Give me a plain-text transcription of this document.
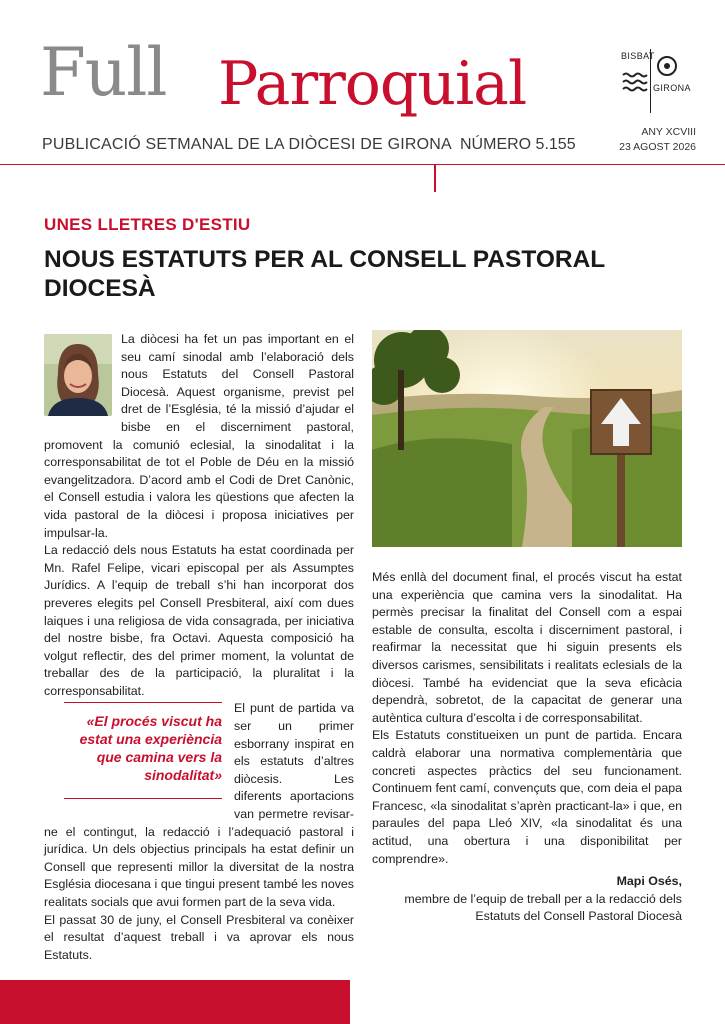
Full Parroquial
PUBLICACIÓ SETMANAL DE LA DIÒCESI DE GIRONA NÚMERO 5.155
BISBAT
GIRONA
ANY XCVIII
23 AGOST 2026
UNES LLETRES D'ESTIU
NOUS ESTATUTS PER AL CONSELL PASTORAL DIOCESÀ

La diòcesi ha fet un pas important en el seu camí sinodal amb l’elaboració dels nous Estatuts del Consell Pastoral Diocesà. Aquest organisme, previst pel dret de l’Església, té la missió d’ajudar el bisbe en el discerniment pastoral, promovent la comunió eclesial, la sinodalitat i la corresponsabilitat de tot el Poble de Déu en la missió evangelitzadora. D’acord amb el Codi de Dret Canònic, el Consell estudia i valora les qüestions que afecten la vida pastoral de la diòcesi i proposa iniciatives per impulsar-la.

La redacció dels nous Estatuts ha estat coordinada per Mn. Rafel Felipe, vicari episcopal per als Assumptes Jurídics. A l’equip de treball s’hi han incorporat dos preveres elegits pel Consell Presbiteral, així com dues laiques i una religiosa de vida consagrada, per iniciativa del nostre bisbe, fra Octavi. Aquesta composició ha volgut reflectir, des del primer moment, la voluntat de treballar des de la participació, la pluralitat i la corresponsabilitat.

«El procés viscut ha estat una experiència que camina vers la sinodalitat»
El punt de partida va ser un primer esborrany inspirat en els estatuts d’altres diòcesis. Les diferents aportacions van permetre revisar-ne el contingut, la redacció i l’adequació pastoral i jurídica. Un dels objectius principals ha estat definir un Consell que representi millor la diversitat de la nostra Església diocesana i que tingui present també les noves realitats socials que avui formen part de la seva vida.

El passat 30 de juny, el Consell Presbiteral va conèixer el resultat d’aquest treball i va aprovar els nous Estatuts.

Més enllà del document final, el procés viscut ha estat una experiència que camina vers la sinodalitat. Ha permès precisar la finalitat del Consell com a espai estable de consulta, escolta i discerniment pastoral, i reafirmar la necessitat que hi siguin presents els diversos carismes, sensibilitats i realitats eclesials de la diòcesi. També ha evidenciat que la seva eficàcia dependrà, sobretot, de la capacitat de generar una autèntica cultura d’escolta i de corresponsabilitat.

Els Estatuts constitueixen un punt de partida. Encara caldrà elaborar una normativa complementària que concreti aspectes pràctics del seu funcionament. Continuem fent camí, convençuts que, com deia el papa Francesc, «la sinodalitat s’aprèn practicant-la» i que, en paraules del papa Lleó XIV, «la sinodalitat és una actitud, una obertura i una disponibilitat per comprendre».

Mapi Osés,
membre de l’equip de treball per a la redacció dels
Estatuts del Consell Pastoral Diocesà
